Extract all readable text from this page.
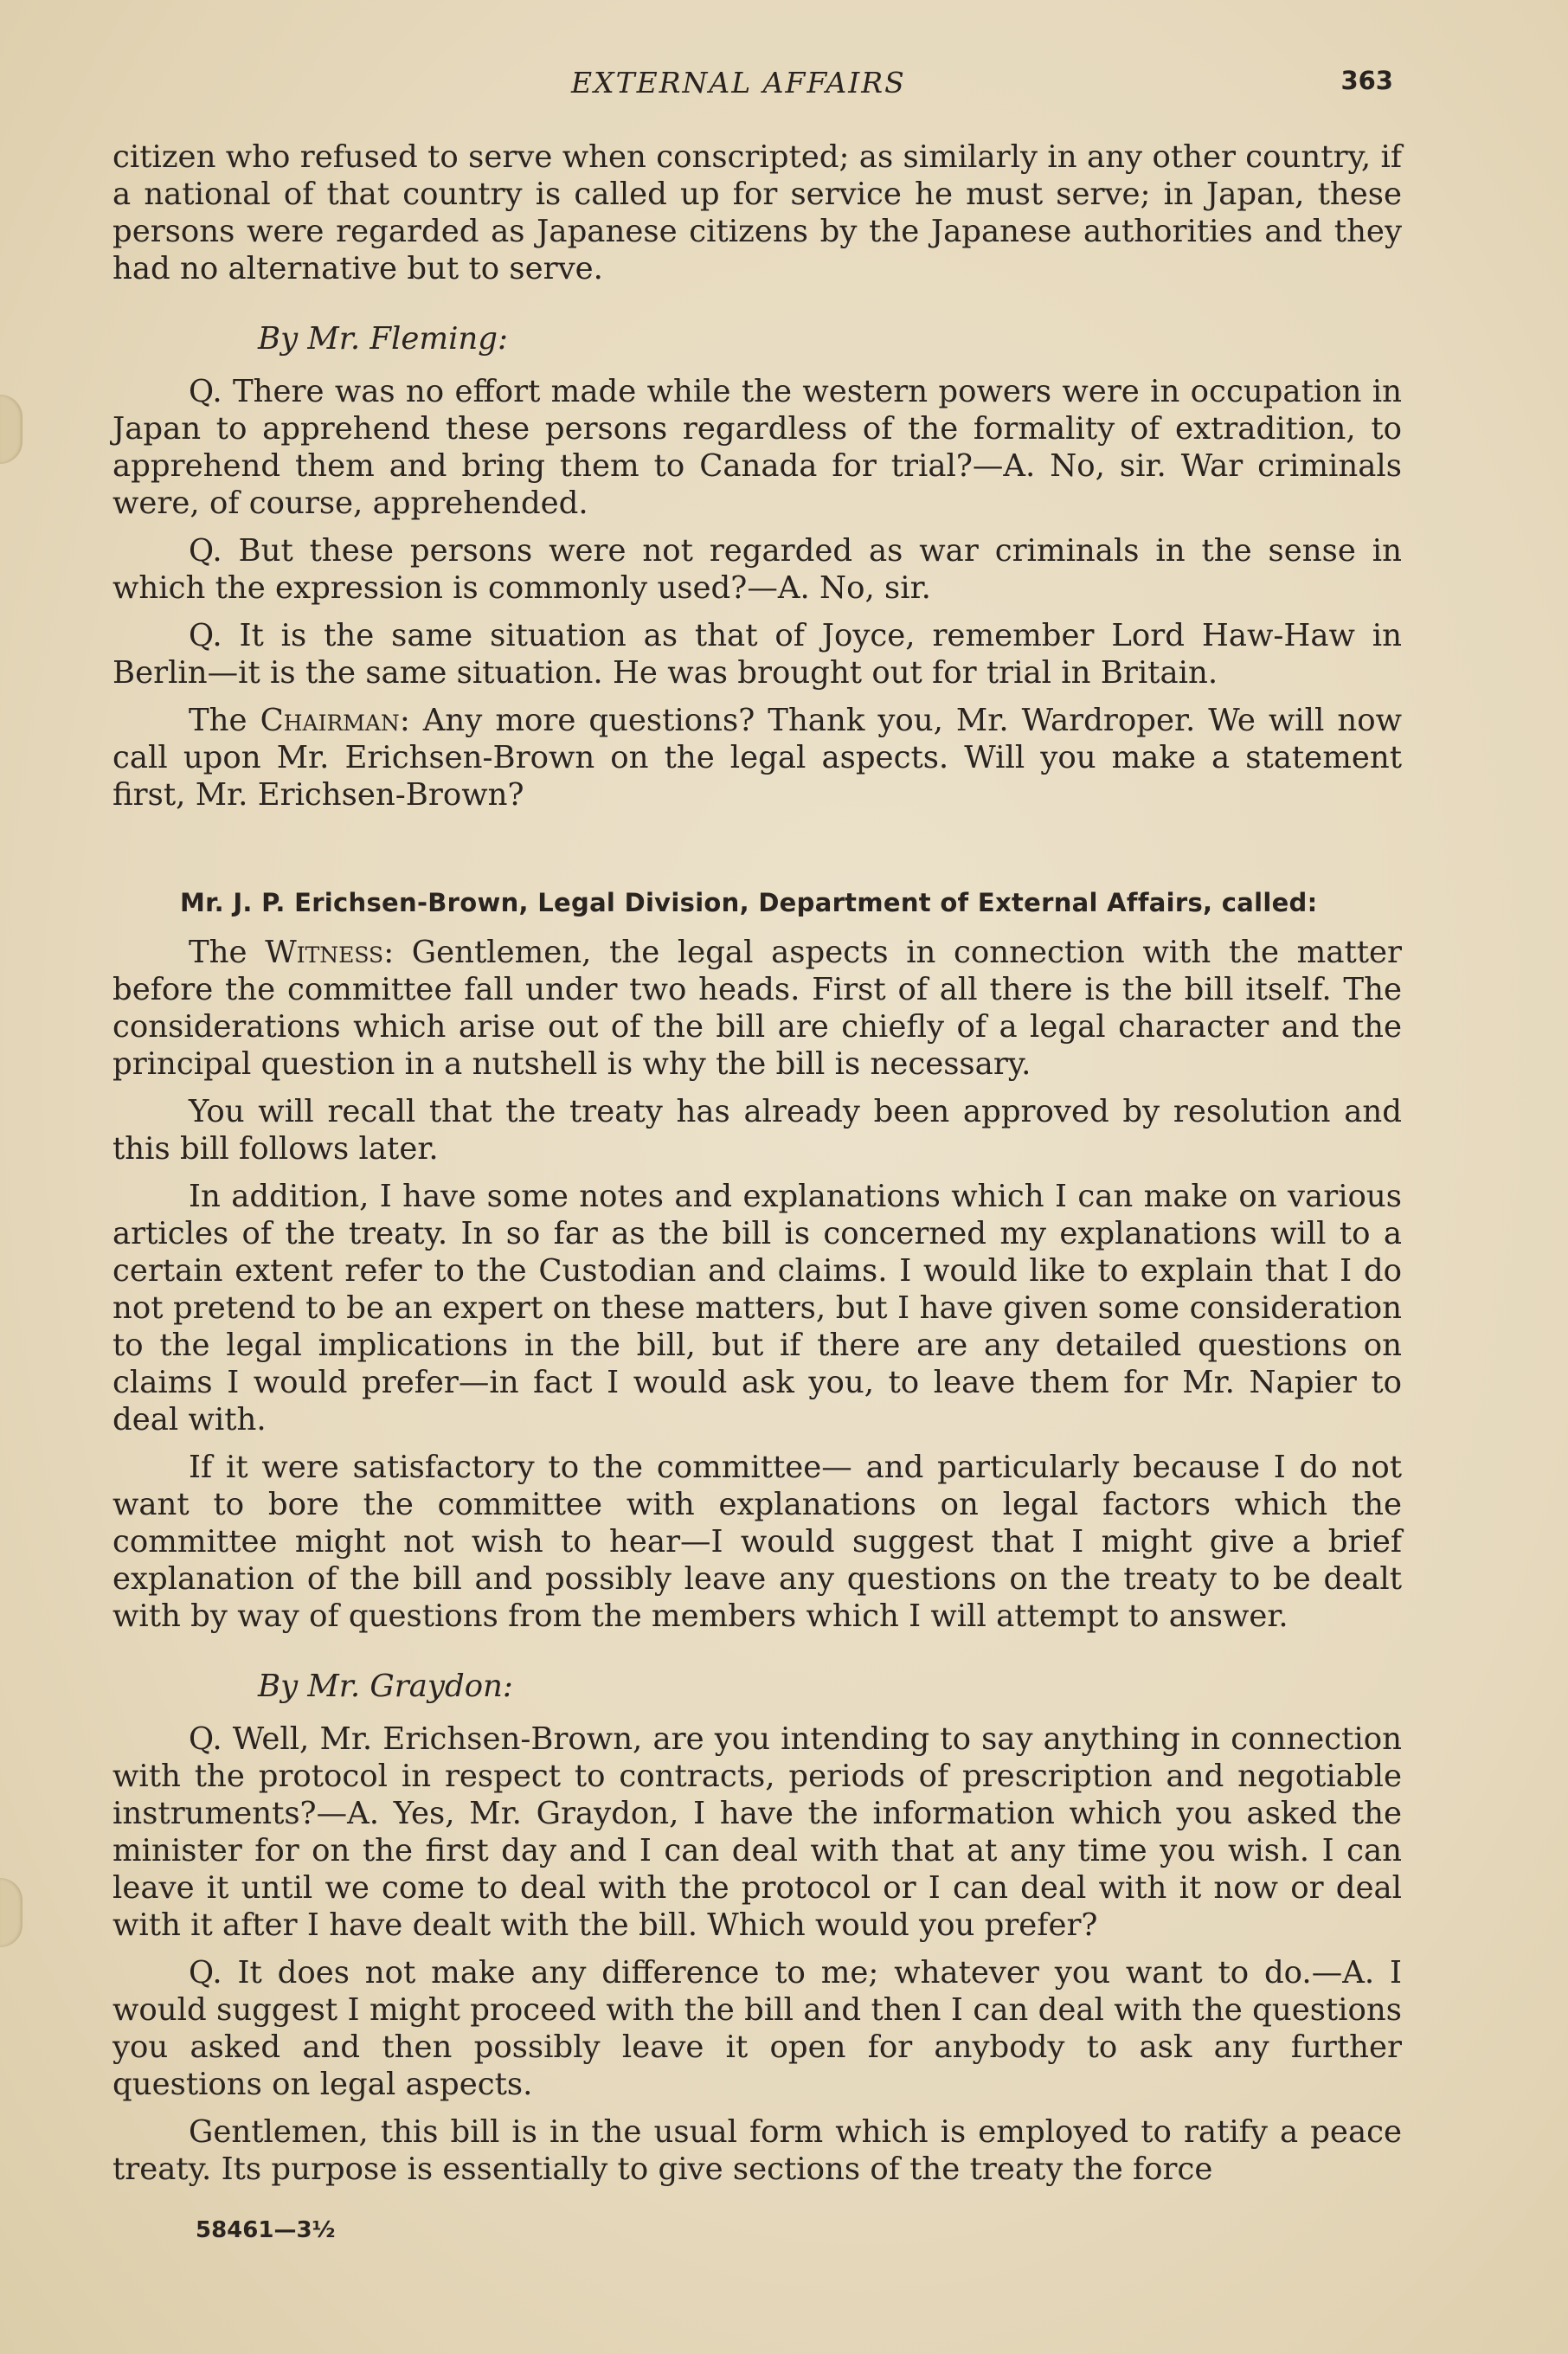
EXTERNAL AFFAIRS	363

citizen who refused to serve when conscripted; as similarly in any other country, if a national of that country is called up for service he must serve; in Japan, these persons were regarded as Japanese citizens by the Japanese authorities and they had no alternative but to serve.

By Mr. Fleming:

Q. There was no effort made while the western powers were in occupation in Japan to apprehend these persons regardless of the formality of extradition, to apprehend them and bring them to Canada for trial?—A. No, sir. War criminals were, of course, apprehended.

Q. But these persons were not regarded as war criminals in the sense in which the expression is commonly used?—A. No, sir.

Q. It is the same situation as that of Joyce, remember Lord Haw-Haw in Berlin—it is the same situation. He was brought out for trial in Britain.

The Chairman: Any more questions? Thank you, Mr. Wardroper. We will now call upon Mr. Erichsen-Brown on the legal aspects. Will you make a statement first, Mr. Erichsen-Brown?

Mr. J. P. Erichsen-Brown, Legal Division, Department of External Affairs, called:

The Witness: Gentlemen, the legal aspects in connection with the matter before the committee fall under two heads. First of all there is the bill itself. The considerations which arise out of the bill are chiefly of a legal character and the principal question in a nutshell is why the bill is necessary.

You will recall that the treaty has already been approved by resolution and this bill follows later.

In addition, I have some notes and explanations which I can make on various articles of the treaty. In so far as the bill is concerned my explanations will to a certain extent refer to the Custodian and claims. I would like to explain that I do not pretend to be an expert on these matters, but I have given some consideration to the legal implications in the bill, but if there are any detailed questions on claims I would prefer—in fact I would ask you, to leave them for Mr. Napier to deal with.

If it were satisfactory to the committee— and particularly because I do not want to bore the committee with explanations on legal factors which the committee might not wish to hear—I would suggest that I might give a brief explanation of the bill and possibly leave any questions on the treaty to be dealt with by way of questions from the members which I will attempt to answer.

By Mr. Graydon:

Q. Well, Mr. Erichsen-Brown, are you intending to say anything in connection with the protocol in respect to contracts, periods of prescription and negotiable instruments?—A. Yes, Mr. Graydon, I have the information which you asked the minister for on the first day and I can deal with that at any time you wish. I can leave it until we come to deal with the protocol or I can deal with it now or deal with it after I have dealt with the bill. Which would you prefer?

Q. It does not make any difference to me; whatever you want to do.—A. I would suggest I might proceed with the bill and then I can deal with the questions you asked and then possibly leave it open for anybody to ask any further questions on legal aspects.

Gentlemen, this bill is in the usual form which is employed to ratify a peace treaty. Its purpose is essentially to give sections of the treaty the force

58461—3½
